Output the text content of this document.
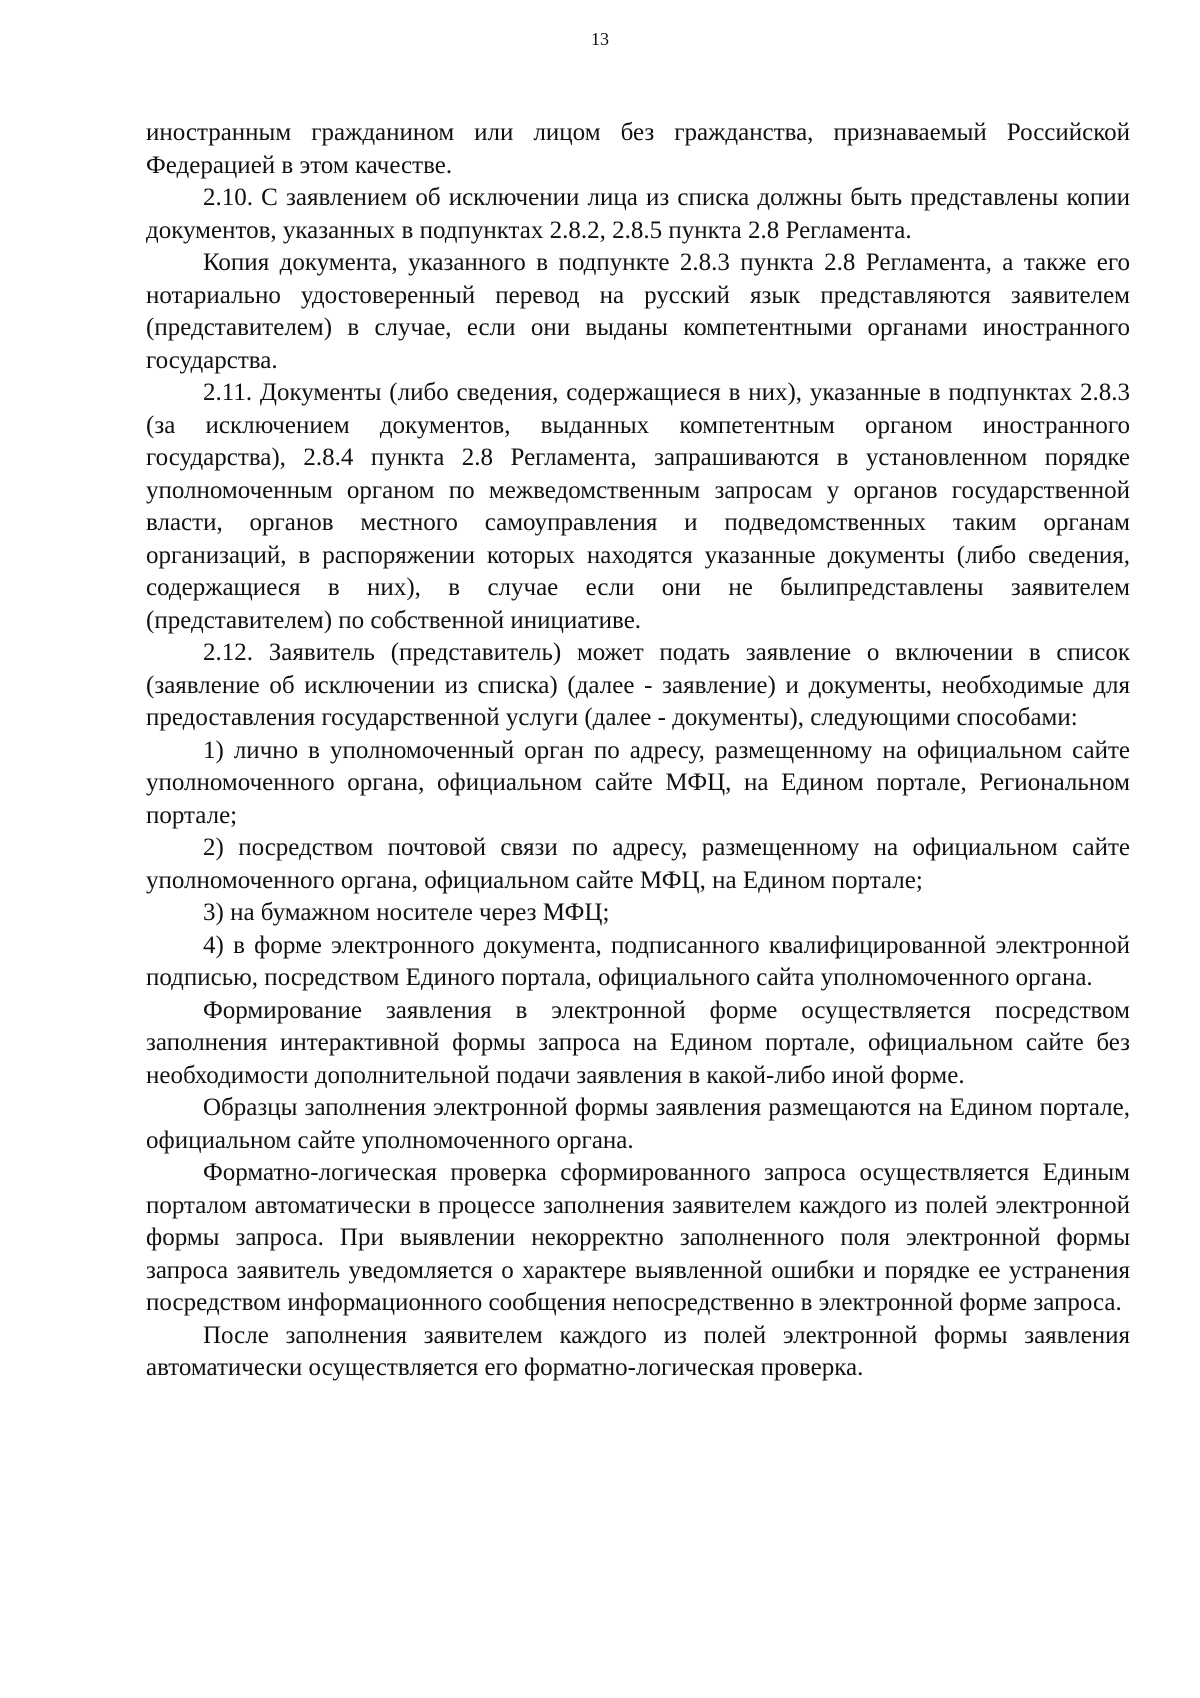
13

иностранным гражданином или лицом без гражданства, признаваемый Российской Федерацией в этом качестве.

2.10. С заявлением об исключении лица из списка должны быть представлены копии документов, указанных в подпунктах 2.8.2, 2.8.5 пункта 2.8 Регламента.

Копия документа, указанного в подпункте 2.8.3 пункта 2.8 Регламента, а также его нотариально удостоверенный перевод на русский язык представляются заявителем (представителем) в случае, если они выданы компетентными органами иностранного государства.

2.11. Документы (либо сведения, содержащиеся в них), указанные в подпунктах 2.8.3 (за исключением документов, выданных компетентным органом иностранного государства), 2.8.4 пункта 2.8 Регламента, запрашиваются в установленном порядке уполномоченным органом по межведомственным запросам у органов государственной власти, органов местного самоуправления и подведомственных таким органам организаций, в распоряжении которых находятся указанные документы (либо сведения, содержащиеся в них), в случае если они не былипредставлены заявителем (представителем) по собственной инициативе.

2.12. Заявитель (представитель) может подать заявление о включении в список (заявление об исключении из списка) (далее - заявление) и документы, необходимые для предоставления государственной услуги (далее - документы), следующими способами:

1) лично в уполномоченный орган по адресу, размещенному на официальном сайте уполномоченного органа, официальном сайте МФЦ, на Едином портале, Региональном портале;

2) посредством почтовой связи по адресу, размещенному на официальном сайте уполномоченного органа, официальном сайте МФЦ, на Едином портале;

3) на бумажном носителе через МФЦ;

4) в форме электронного документа, подписанного квалифицированной электронной подписью, посредством Единого портала, официального сайта уполномоченного органа.

Формирование заявления в электронной форме осуществляется посредством заполнения интерактивной формы запроса на Едином портале, официальном сайте без необходимости дополнительной подачи заявления в какой-либо иной форме.

Образцы заполнения электронной формы заявления размещаются на Едином портале, официальном сайте уполномоченного органа.

Форматно-логическая проверка сформированного запроса осуществляется Единым порталом автоматически в процессе заполнения заявителем каждого из полей электронной формы запроса. При выявлении некорректно заполненного поля электронной формы запроса заявитель уведомляется о характере выявленной ошибки и порядке ее устранения посредством информационного сообщения непосредственно в электронной форме запроса.

После заполнения заявителем каждого из полей электронной формы заявления автоматически осуществляется его форматно-логическая проверка.
